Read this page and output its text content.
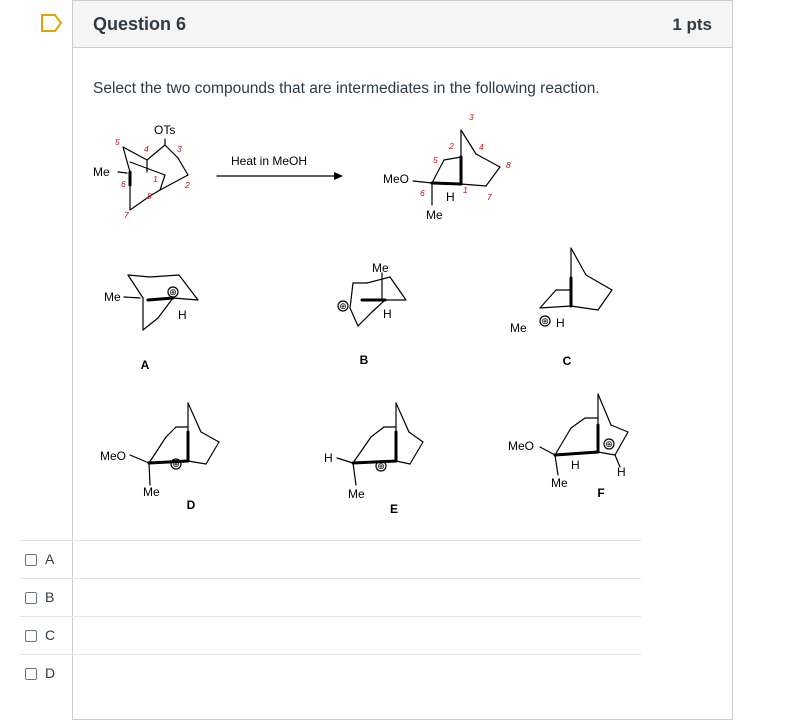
Question 6	1 pts
Select the two compounds that are intermediates in the following reaction.
OTs
Me
Heat in MeOH
MeO
Me
H
1
2
3
4
5
6
7
8
1
2
3
4
5
6	7
8
Me
H
Me
H
Me H
MeO
Me
H
Me
MeO
Me
H	H
⊕
⊕
⊕
⊕	⊕
⊕
A	B	C
D	E
F
A
B
C
D
